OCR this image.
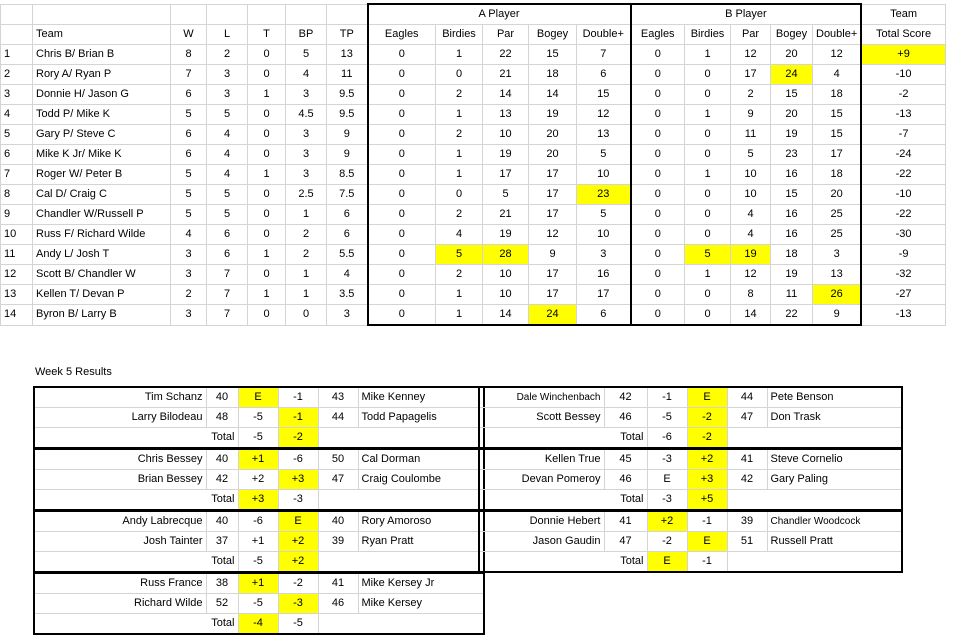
							A Player					B Player					Team
	Team	W	L	T	BP	TP	Eagles	Birdies	Par	Bogey	Double+	Eagles	Birdies	Par	Bogey	Double+	Total Score
1	Chris B/ Brian B	8	2	0	5	13	0	1	22	15	7	0	1	12	20	12	+9
2	Rory A/ Ryan P	7	3	0	4	11	0	0	21	18	6	0	0	17	24	4	-10
3	Donnie H/ Jason G	6	3	1	3	9.5	0	2	14	14	15	0	0	2	15	18	-2
4	Todd P/ Mike K	5	5	0	4.5	9.5	0	1	13	19	12	0	1	9	20	15	-13
5	Gary P/ Steve C	6	4	0	3	9	0	2	10	20	13	0	0	11	19	15	-7
6	Mike K Jr/ Mike K	6	4	0	3	9	0	1	19	20	5	0	0	5	23	17	-24
7	Roger W/ Peter B	5	4	1	3	8.5	0	1	17	17	10	0	1	10	16	18	-22
8	Cal D/ Craig C	5	5	0	2.5	7.5	0	0	5	17	23	0	0	10	15	20	-10
9	Chandler W/Russell P	5	5	0	1	6	0	2	21	17	5	0	0	4	16	25	-22
10	Russ F/ Richard Wilde	4	6	0	2	6	0	4	19	12	10	0	0	4	16	25	-30
11	Andy L/ Josh T	3	6	1	2	5.5	0	5	28	9	3	0	5	19	18	3	-9
12	Scott B/ Chandler W	3	7	0	1	4	0	2	10	17	16	0	1	12	19	13	-32
13	Kellen T/ Devan P	2	7	1	1	3.5	0	1	10	17	17	0	0	8	11	26	-27
14	Byron B/ Larry B	3	7	0	0	3	0	1	14	24	6	0	0	14	22	9	-13
Week 5 Results
Tim Schanz	40	E	-1	43	Mike Kenney
Larry Bilodeau	48	-5	-1	44	Todd Papagelis
Total		-5	-2		
Chris Bessey	40	+1	-6	50	Cal Dorman
Brian Bessey	42	+2	+3	47	Craig Coulombe
Total		+3	-3		
Andy Labrecque	40	-6	E	40	Rory Amoroso
Josh Tainter	37	+1	+2	39	Ryan Pratt
Total		-5	+2		
Russ France	38	+1	-2	41	Mike Kersey Jr
Richard Wilde	52	-5	-3	46	Mike Kersey
Total		-4	-5		
Dale Winchenbach	42	-1	E	44	Pete Benson
Scott Bessey	46	-5	-2	47	Don Trask
Total		-6	-2		
Kellen True	45	-3	+2	41	Steve Cornelio
Devan Pomeroy	46	E	+3	42	Gary Paling
Total		-3	+5		
Donnie Hebert	41	+2	-1	39	Chandler Woodcock
Jason Gaudin	47	-2	E	51	Russell Pratt
Total		E	-1		
